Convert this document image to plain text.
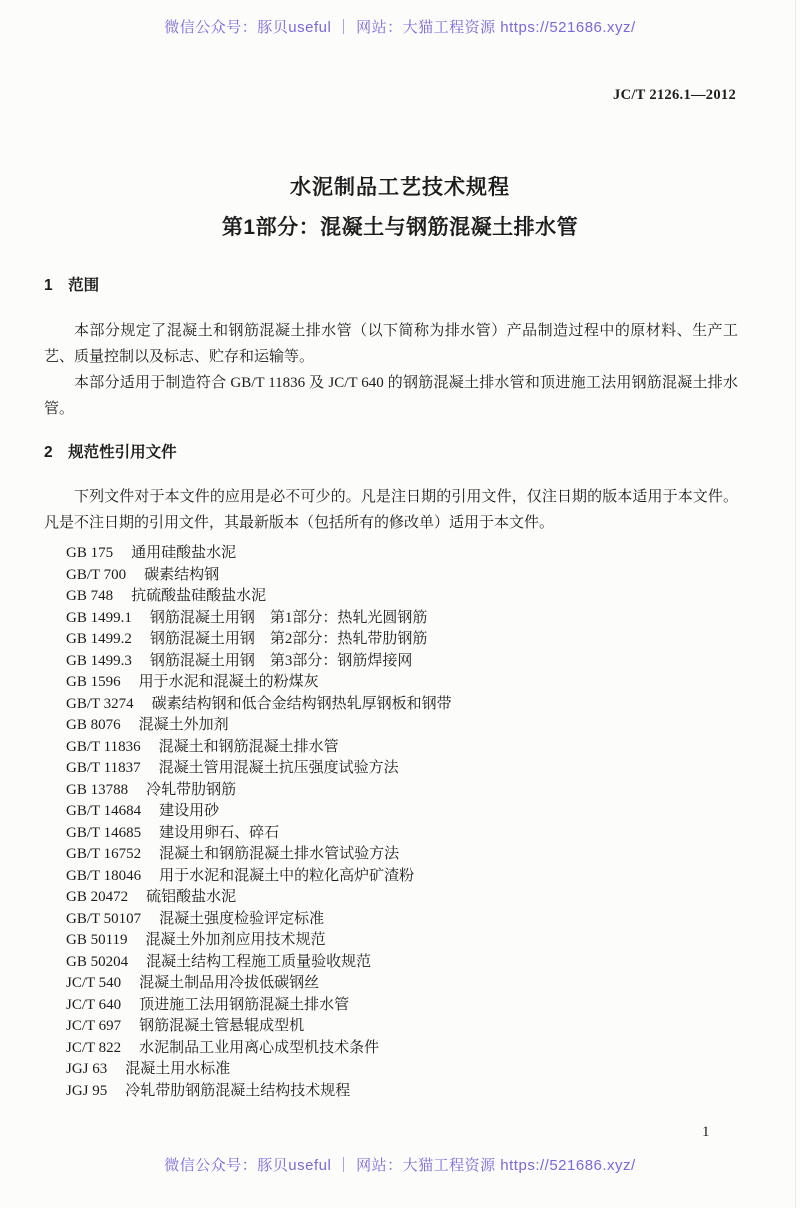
微信公众号：豚贝useful ｜ 网站：大猫工程资源 https://521686.xyz/
JC/T 2126.1—2012
水泥制品工艺技术规程
第1部分：混凝土与钢筋混凝土排水管
1　范围

本部分规定了混凝土和钢筋混凝土排水管（以下简称为排水管）产品制造过程中的原材料、生产工艺、质量控制以及标志、贮存和运输等。

本部分适用于制造符合 GB/T 11836 及 JC/T 640 的钢筋混凝土排水管和顶进施工法用钢筋混凝土排水管。

2　规范性引用文件

下列文件对于本文件的应用是必不可少的。凡是注日期的引用文件，仅注日期的版本适用于本文件。凡是不注日期的引用文件，其最新版本（包括所有的修改单）适用于本文件。

GB 175 通用硅酸盐水泥
GB/T 700 碳素结构钢
GB 748 抗硫酸盐硅酸盐水泥
GB 1499.1 钢筋混凝土用钢　第1部分：热轧光圆钢筋
GB 1499.2 钢筋混凝土用钢　第2部分：热轧带肋钢筋
GB 1499.3 钢筋混凝土用钢　第3部分：钢筋焊接网
GB 1596 用于水泥和混凝土的粉煤灰
GB/T 3274 碳素结构钢和低合金结构钢热轧厚钢板和钢带
GB 8076 混凝土外加剂
GB/T 11836 混凝土和钢筋混凝土排水管
GB/T 11837 混凝土管用混凝土抗压强度试验方法
GB 13788 冷轧带肋钢筋
GB/T 14684 建设用砂
GB/T 14685 建设用卵石、碎石
GB/T 16752 混凝土和钢筋混凝土排水管试验方法
GB/T 18046 用于水泥和混凝土中的粒化高炉矿渣粉
GB 20472 硫铝酸盐水泥
GB/T 50107 混凝土强度检验评定标准
GB 50119 混凝土外加剂应用技术规范
GB 50204 混凝土结构工程施工质量验收规范
JC/T 540 混凝土制品用冷拔低碳钢丝
JC/T 640 顶进施工法用钢筋混凝土排水管
JC/T 697 钢筋混凝土管悬辊成型机
JC/T 822 水泥制品工业用离心成型机技术条件
JGJ 63 混凝土用水标准
JGJ 95 冷轧带肋钢筋混凝土结构技术规程
1
微信公众号：豚贝useful ｜ 网站：大猫工程资源 https://521686.xyz/
